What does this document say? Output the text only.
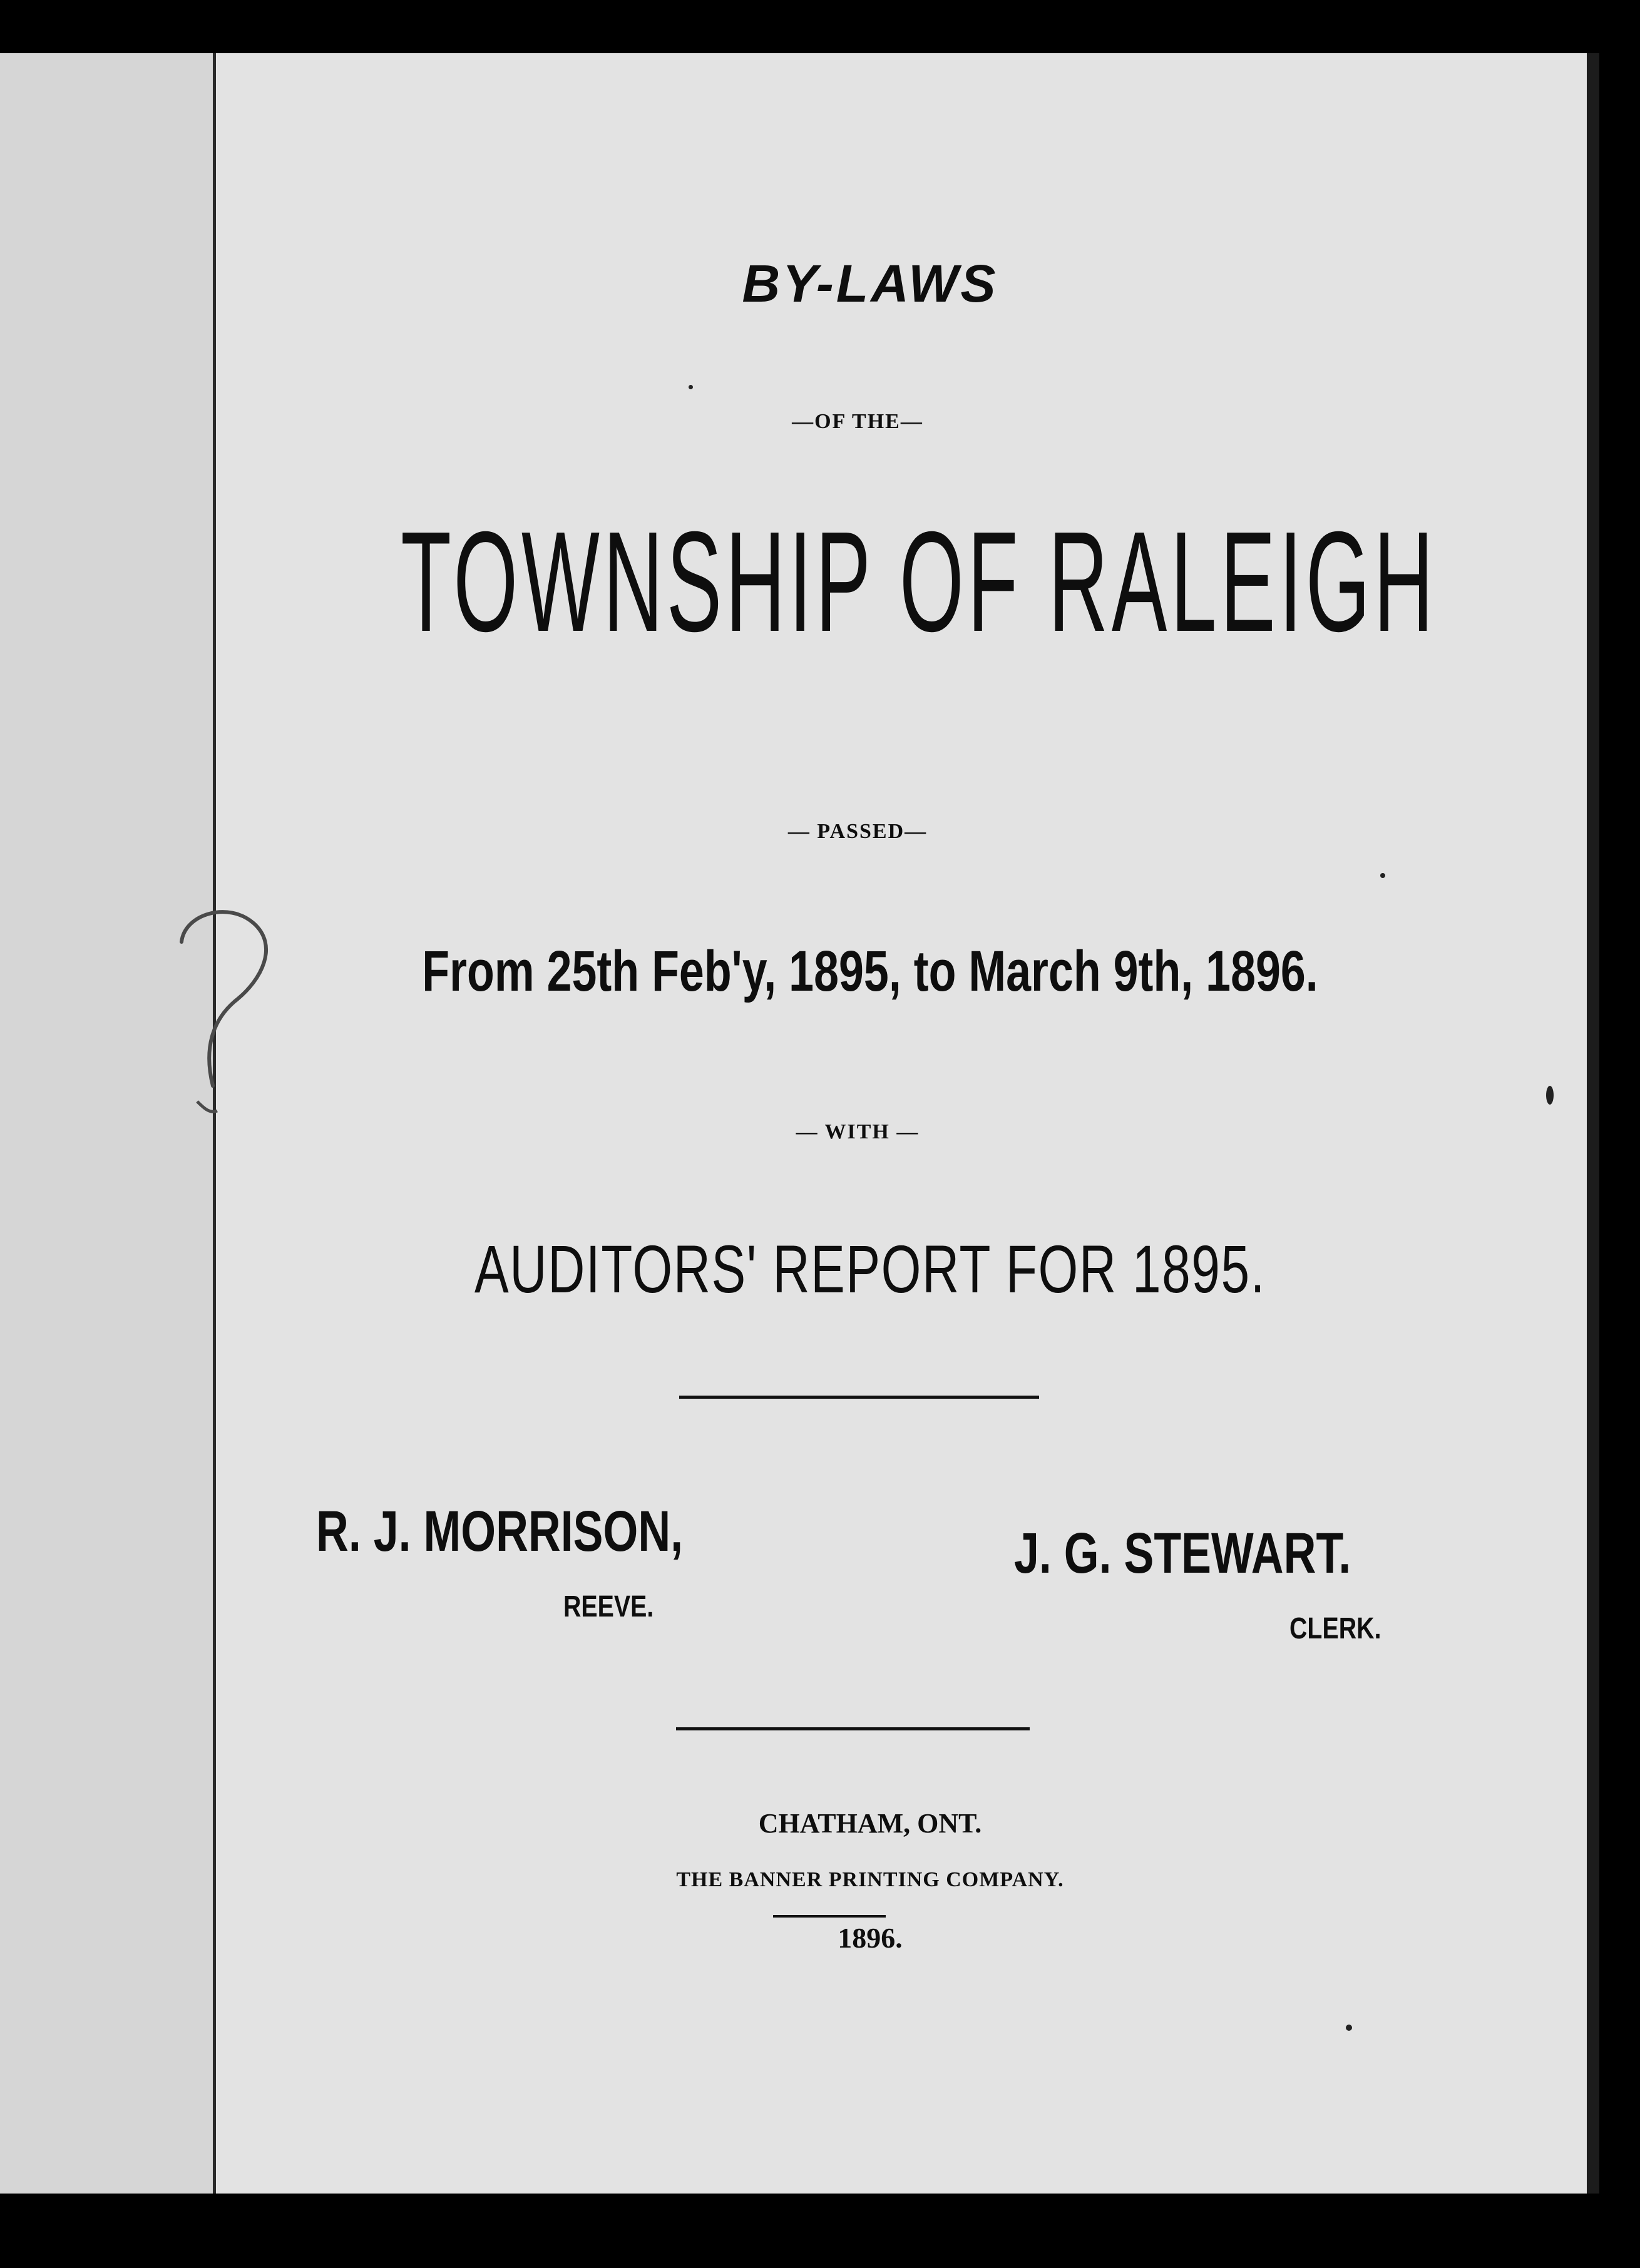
BY-LAWS
—OF THE—
TOWNSHIP OF RALEIGH
— PASSED—
From 25th Feb'y, 1895, to March 9th, 1896.
— WITH —
AUDITORS' REPORT FOR 1895.
R. J. MORRISON,
REEVE.
J. G. STEWART.
CLERK.
CHATHAM, ONT.
THE BANNER PRINTING COMPANY.
1896.
